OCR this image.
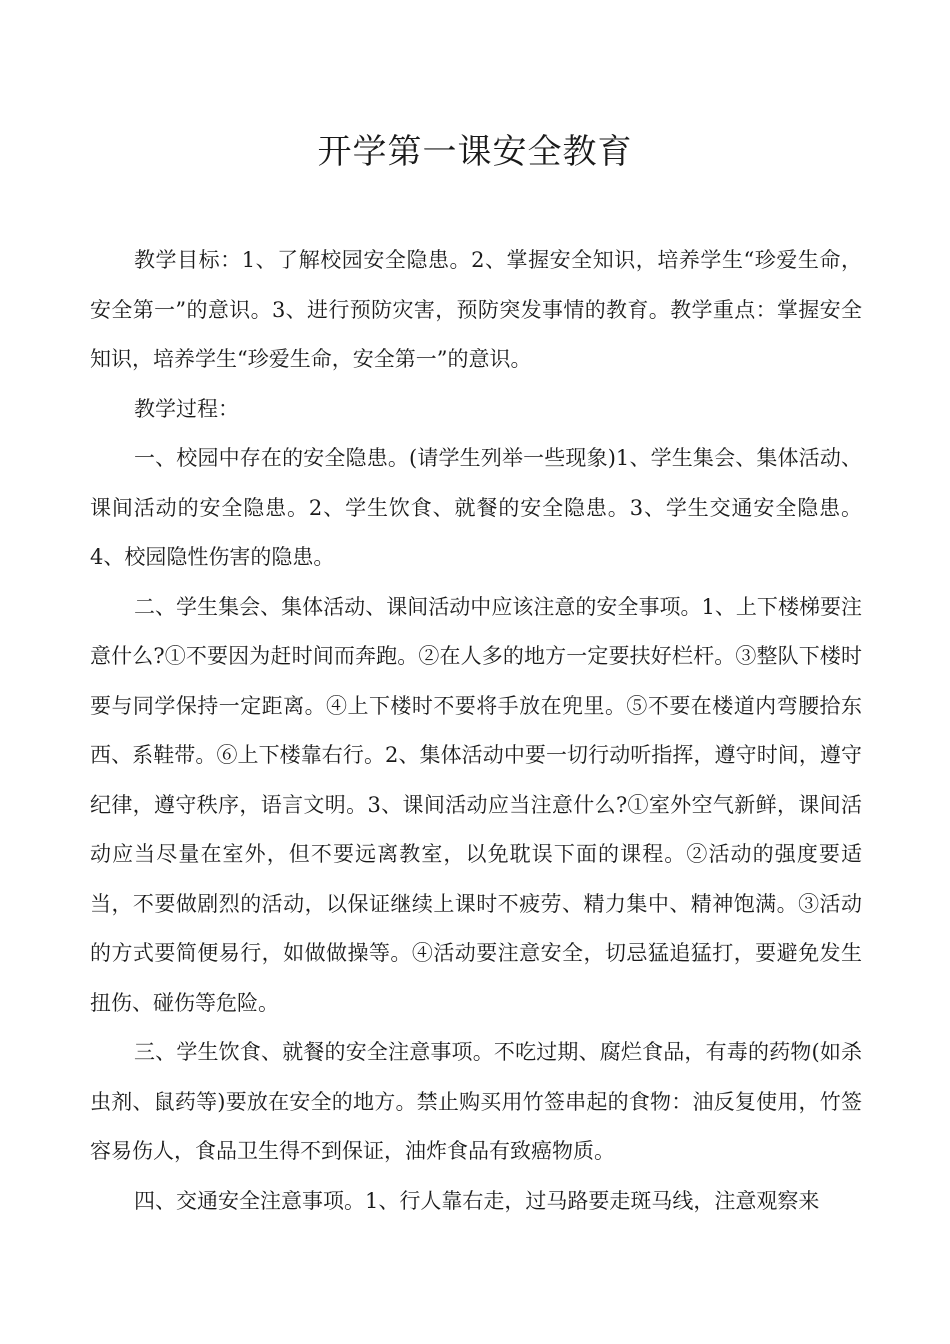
开学第一课安全教育

教学目标：1、了解校园安全隐患。2、掌握安全知识，培养学生“珍爱生命，安全第一”的意识。3、进行预防灾害，预防突发事情的教育。教学重点：掌握安全知识，培养学生“珍爱生命，安全第一”的意识。

教学过程：

一、校园中存在的安全隐患。(请学生列举一些现象)1、学生集会、集体活动、课间活动的安全隐患。2、学生饮食、就餐的安全隐患。3、学生交通安全隐患。4、校园隐性伤害的隐患。

二、学生集会、集体活动、课间活动中应该注意的安全事项。1、上下楼梯要注意什么?①不要因为赶时间而奔跑。②在人多的地方一定要扶好栏杆。③整队下楼时要与同学保持一定距离。④上下楼时不要将手放在兜里。⑤不要在楼道内弯腰拾东西、系鞋带。⑥上下楼靠右行。2、集体活动中要一切行动听指挥，遵守时间，遵守纪律，遵守秩序，语言文明。3、课间活动应当注意什么?①室外空气新鲜，课间活动应当尽量在室外，但不要远离教室，以免耽误下面的课程。②活动的强度要适当，不要做剧烈的活动，以保证继续上课时不疲劳、精力集中、精神饱满。③活动的方式要简便易行，如做做操等。④活动要注意安全，切忌猛追猛打，要避免发生扭伤、碰伤等危险。

三、学生饮食、就餐的安全注意事项。不吃过期、腐烂食品，有毒的药物(如杀虫剂、鼠药等)要放在安全的地方。禁止购买用竹签串起的食物：油反复使用，竹签容易伤人，食品卫生得不到保证，油炸食品有致癌物质。

四、交通安全注意事项。1、行人靠右走，过马路要走斑马线，注意观察来
